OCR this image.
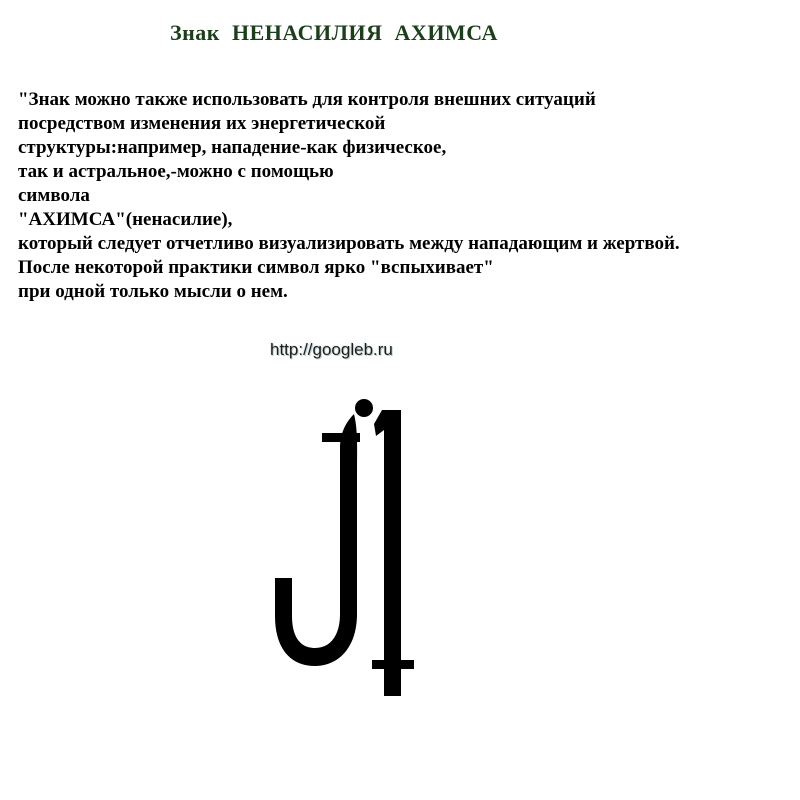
Знак  НЕНАСИЛИЯ  АХИМСА
"Знак можно также использовать для контроля внешних ситуаций
посредством изменения их энергетической
структуры:например, нападение-как физическое,
так и астральное,-можно с помощью
символа
"АХИМСА"(ненасилие),
который следует отчетливо визуализировать между нападающим и жертвой.
После некоторой практики символ ярко "вспыхивает"
при одной только мысли о нем.
http://googleb.ru
